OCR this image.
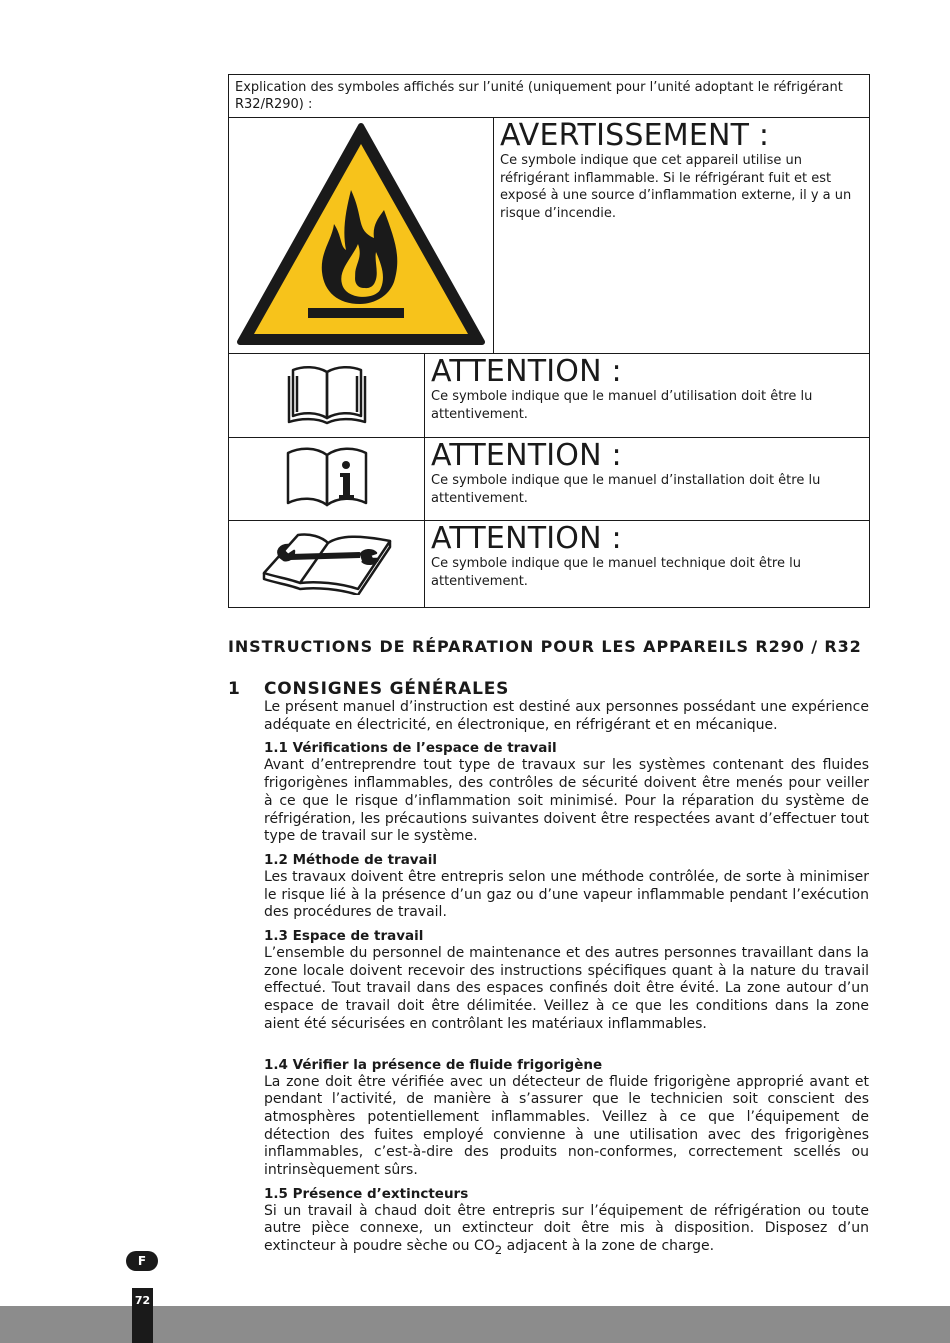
Explication des symboles affichés sur l’unité (uniquement pour l’unité adoptant le réfrigérant R32/R290) :		

AVERTISSEMENT :

Ce symbole indique que cet appareil utilise un réfrigérant inflammable. Si le réfrigérant fuit et est exposé à une source d’inflammation externe, il y a un risque d’incendie.

ATTENTION :

Ce symbole indique que le manuel d’utilisation doit être lu attentivement.	

ATTENTION :

Ce symbole indique que le manuel d’installation doit être lu attentivement.	

ATTENTION :

Ce symbole indique que le manuel technique doit être lu attentivement.	

INSTRUCTIONS DE RÉPARATION POUR LES APPAREILS R290 / R32
1	CONSIGNES GÉNÉRALES

Le présent manuel d’instruction est destiné aux personnes possédant une expérience adéquate en électricité, en électronique, en réfrigérant et en mécanique.

1.1 Vérifications de l’espace de travail

Avant d’entreprendre tout type de travaux sur les systèmes contenant des fluides frigorigènes inflammables, des contrôles de sécurité doivent être menés pour veiller à ce que le risque d’inflammation soit minimisé. Pour la réparation du système de réfrigération, les précautions suivantes doivent être respectées avant d’effectuer tout type de travail sur le système.

1.2 Méthode de travail

Les travaux doivent être entrepris selon une méthode contrôlée, de sorte à minimiser le risque lié à la présence d’un gaz ou d’une vapeur inflammable pendant l’exécution des procédures de travail.

1.3 Espace de travail

L’ensemble du personnel de maintenance et des autres personnes travaillant dans la zone locale doivent recevoir des instructions spécifiques quant à la nature du travail effectué. Tout travail dans des espaces confinés doit être évité. La zone autour d’un espace de travail doit être délimitée. Veillez à ce que les conditions dans la zone aient été sécurisées en contrôlant les matériaux inflammables.

1.4 Vérifier la présence de fluide frigorigène

La zone doit être vérifiée avec un détecteur de fluide frigorigène approprié avant et pendant l’activité, de manière à s’assurer que le technicien soit conscient des atmosphères potentiellement inflammables. Veillez à ce que l’équipement de détection des fuites employé convienne à une utilisation avec des frigorigènes inflammables, c’est-à-dire des produits non-conformes, correctement scellés ou intrinsèquement sûrs.

1.5 Présence d’extincteurs

Si un travail à chaud doit être entrepris sur l’équipement de réfrigération ou toute autre pièce connexe, un extincteur doit être mis à disposition. Disposez d’un extincteur à poudre sèche ou $CO_2$ adjacent à la zone de charge.

F
72
